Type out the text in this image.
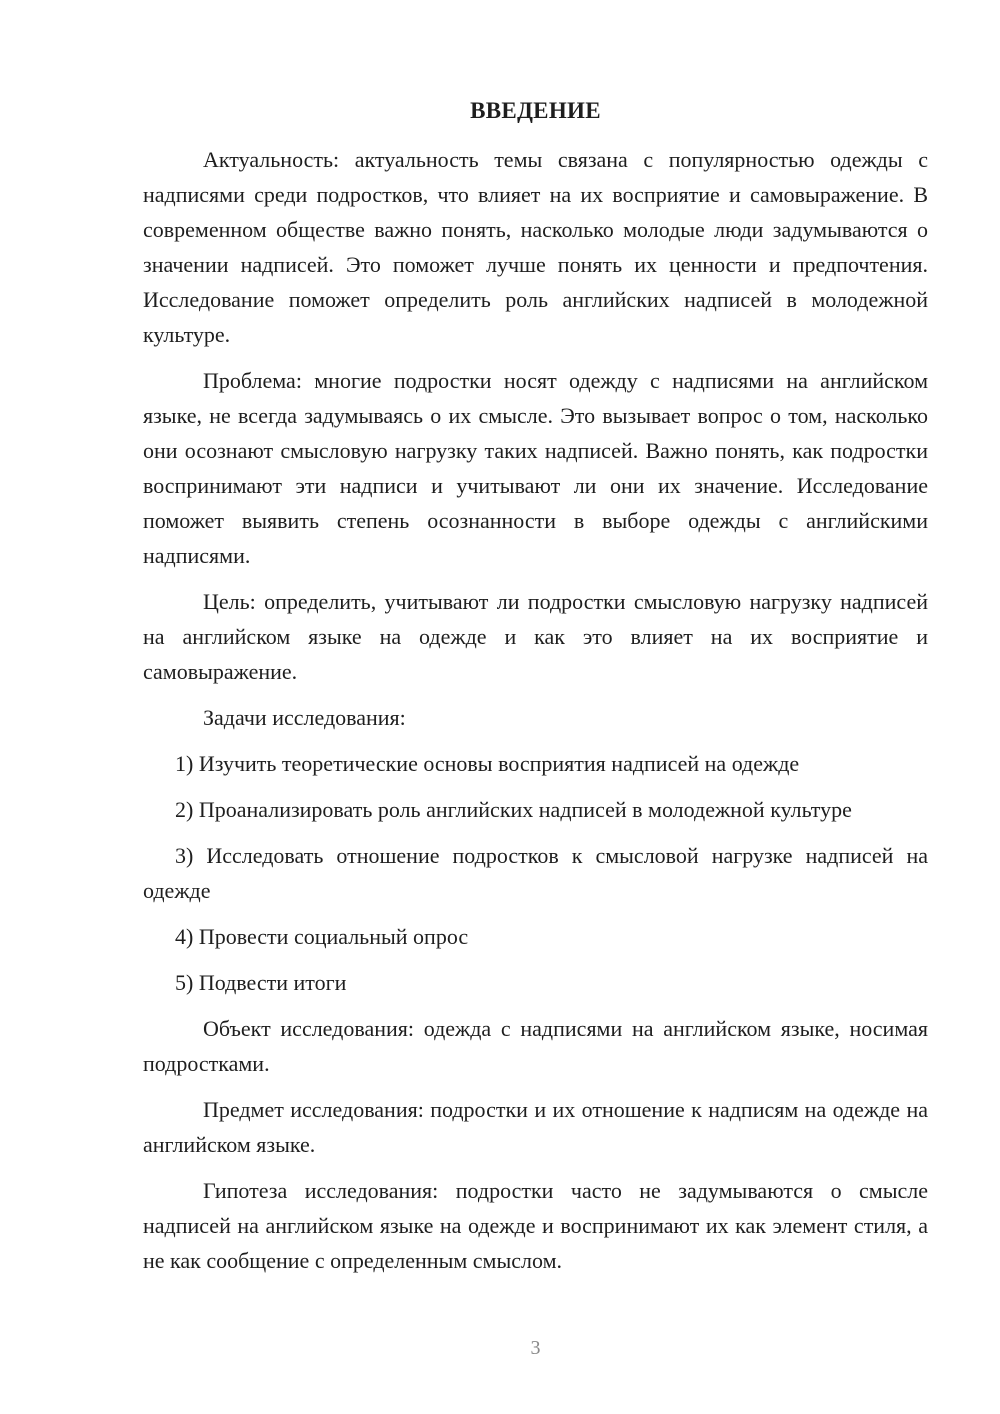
ВВЕДЕНИЕ

Актуальность: актуальность темы связана с популярностью одежды с надписями среди подростков, что влияет на их восприятие и самовыражение. В современном обществе важно понять, насколько молодые люди задумываются о значении надписей. Это поможет лучше понять их ценности и предпочтения. Исследование поможет определить роль английских надписей в молодежной культуре.

Проблема: многие подростки носят одежду с надписями на английском языке, не всегда задумываясь о их смысле. Это вызывает вопрос о том, насколько они осознают смысловую нагрузку таких надписей. Важно понять, как подростки воспринимают эти надписи и учитывают ли они их значение. Исследование поможет выявить степень осознанности в выборе одежды с английскими надписями.

Цель: определить, учитывают ли подростки смысловую нагрузку надписей на английском языке на одежде и как это влияет на их восприятие и самовыражение.

Задачи исследования:

1) Изучить теоретические основы восприятия надписей на одежде

2) Проанализировать роль английских надписей в молодежной культуре

3) Исследовать отношение подростков к смысловой нагрузке надписей на одежде

4) Провести социальный опрос

5) Подвести итоги

Объект исследования: одежда с надписями на английском языке, носимая подростками.

Предмет исследования: подростки и их отношение к надписям на одежде на английском языке.

Гипотеза исследования: подростки часто не задумываются о смысле надписей на английском языке на одежде и воспринимают их как элемент стиля, а не как сообщение с определенным смыслом.

3
